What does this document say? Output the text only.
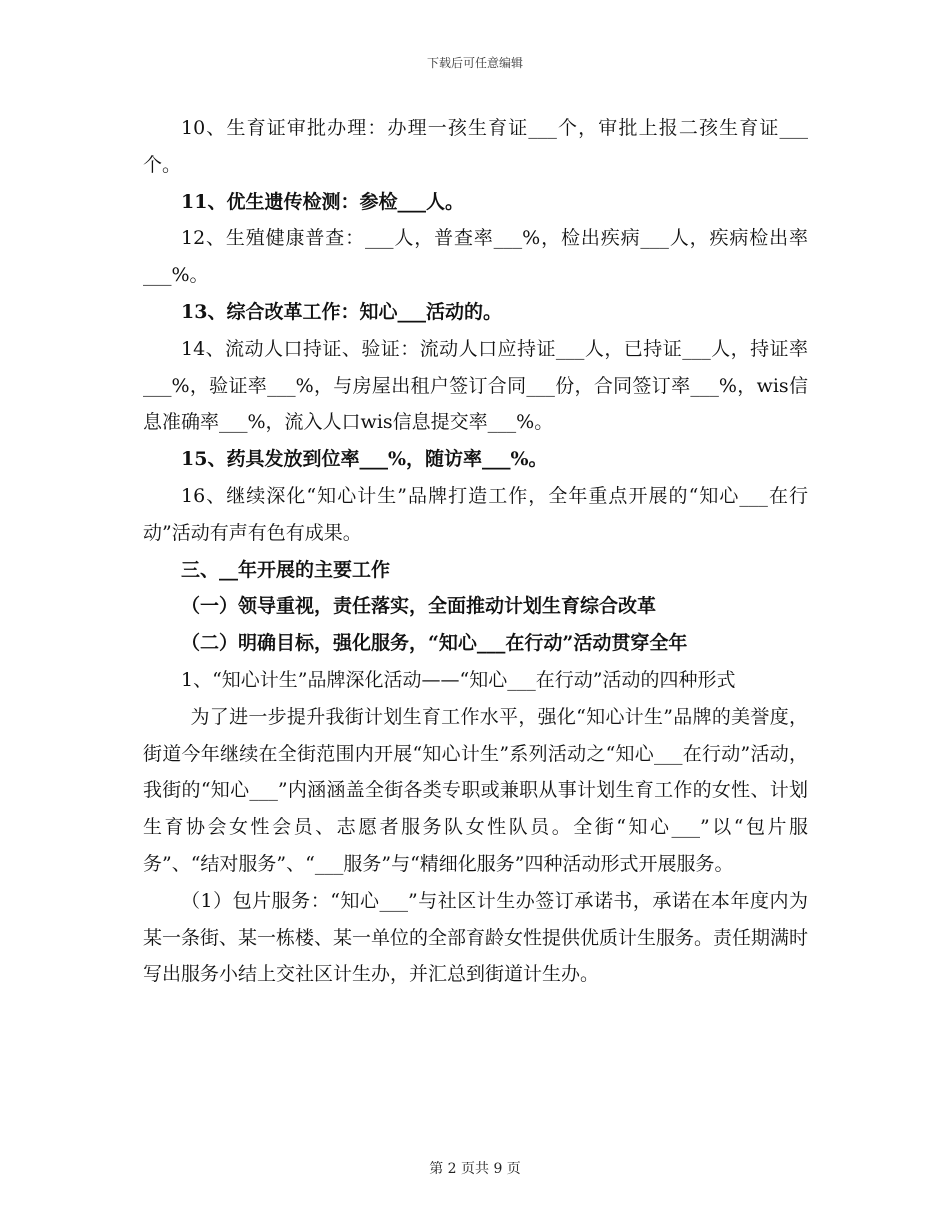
下载后可任意编辑

10、生育证审批办理：办理一孩生育证___个，审批上报二孩生育证___个。

11、优生遗传检测：参检___人。

12、生殖健康普查：___人，普查率___%，检出疾病___人，疾病检出率___%。

13、综合改革工作：知心___活动的。

14、流动人口持证、验证：流动人口应持证___人，已持证___人，持证率___%，验证率___%，与房屋出租户签订合同___份，合同签订率___%，wis信息准确率___%，流入人口wis信息提交率___%。

15、药具发放到位率___%，随访率___%。

16、继续深化“知心计生”品牌打造工作，全年重点开展的“知心___在行动”活动有声有色有成果。

三、__年开展的主要工作

（一）领导重视，责任落实，全面推动计划生育综合改革

（二）明确目标，强化服务，“知心___在行动”活动贯穿全年

1、“知心计生”品牌深化活动——“知心___在行动”活动的四种形式

为了进一步提升我街计划生育工作水平，强化“知心计生”品牌的美誉度，街道今年继续在全街范围内开展“知心计生”系列活动之“知心___在行动”活动，我街的“知心___”内涵涵盖全街各类专职或兼职从事计划生育工作的女性、计划生育协会女性会员、志愿者服务队女性队员。全街“知心___”以“包片服务”、“结对服务”、“___服务”与“精细化服务”四种活动形式开展服务。

（1）包片服务：“知心___”与社区计生办签订承诺书，承诺在本年度内为某一条街、某一栋楼、某一单位的全部育龄女性提供优质计生服务。责任期满时写出服务小结上交社区计生办，并汇总到街道计生办。

第 2 页共 9 页
